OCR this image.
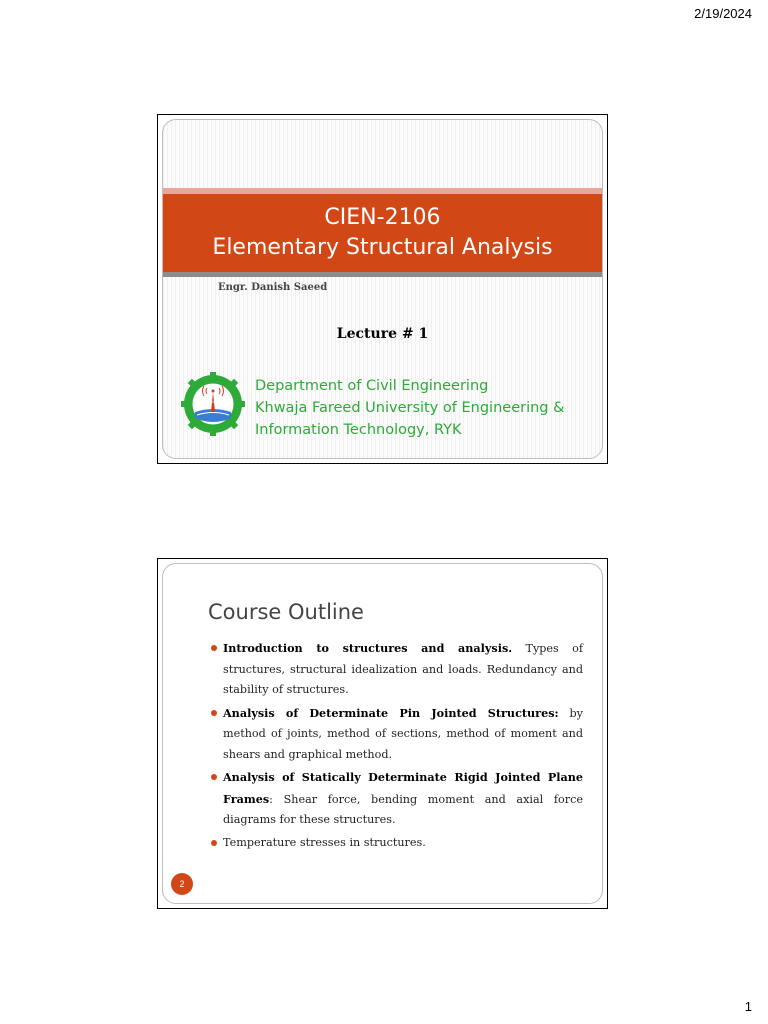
2/19/2024
CIEN-2106
Elementary Structural Analysis
Engr. Danish Saeed
Lecture # 1
Department of Civil Engineering
Khwaja Fareed University of Engineering &
Information Technology, RYK
Course Outline
Introduction to structures and analysis. Types of structures, structural idealization and loads. Redundancy and stability of structures.
Analysis of Determinate Pin Jointed Structures: by method of joints, method of sections, method of moment and shears and graphical method.
Analysis of Statically Determinate Rigid Jointed Plane Frames: Shear force, bending moment and axial force diagrams for these structures.
Temperature stresses in structures.
2
1
